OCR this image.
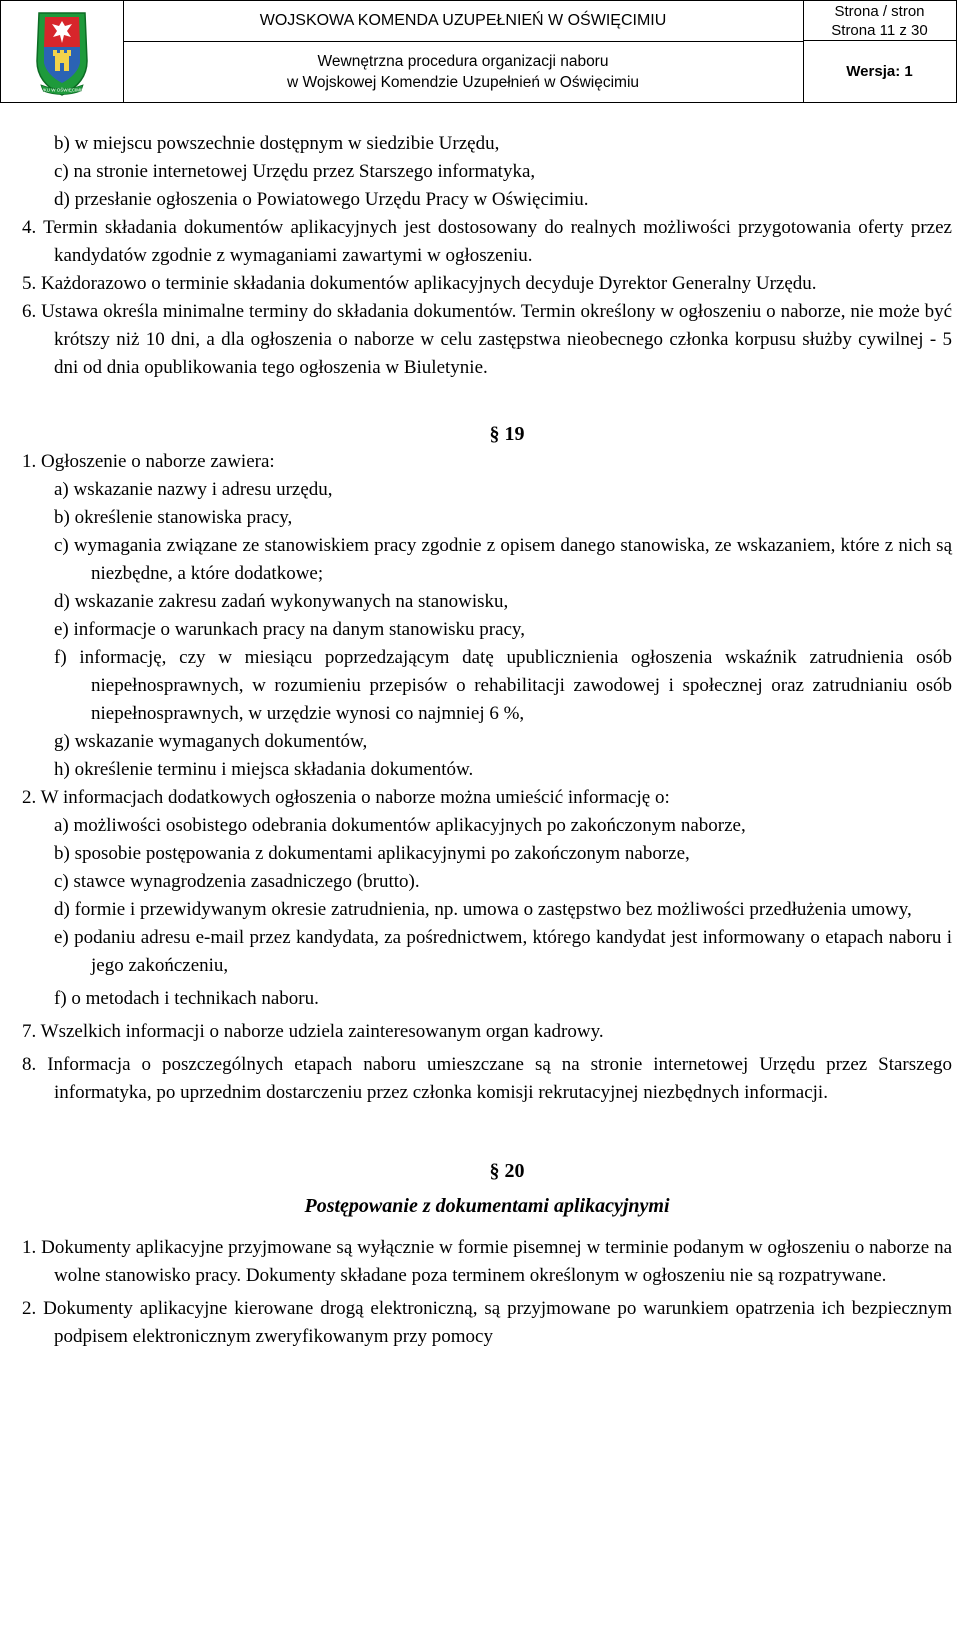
WKU W OŚWIĘCIMIU
WOJSKOWA KOMENDA UZUPEŁNIEŃ W OŚWIĘCIMIU
Wewnętrzna procedura organizacji naboru
w Wojskowej Komendzie Uzupełnień w Oświęcimiu
Strona / stron
Strona 11 z 30
Wersja: 1

b) w miejscu powszechnie dostępnym w siedzibie Urzędu,

c) na stronie internetowej Urzędu przez Starszego informatyka,

d) przesłanie ogłoszenia o Powiatowego Urzędu Pracy w Oświęcimiu.

4. Termin składania dokumentów aplikacyjnych jest dostosowany do realnych możliwości przygotowania oferty przez kandydatów zgodnie z wymaganiami zawartymi w ogłoszeniu.

5. Każdorazowo o terminie składania dokumentów aplikacyjnych decyduje Dyrektor Generalny Urzędu.

6. Ustawa określa minimalne terminy do składania dokumentów. Termin określony w ogłoszeniu o naborze, nie może być krótszy niż 10 dni, a dla ogłoszenia o naborze w celu zastępstwa nieobecnego członka korpusu służby cywilnej - 5 dni od dnia opublikowania tego ogłoszenia w Biuletynie.

§ 19

1. Ogłoszenie o naborze zawiera:

a) wskazanie nazwy i adresu urzędu,

b) określenie stanowiska pracy,

c) wymagania związane ze stanowiskiem pracy zgodnie z opisem danego stanowiska, ze wskazaniem, które z nich są niezbędne, a które dodatkowe;

d) wskazanie zakresu zadań wykonywanych na stanowisku,

e) informacje o warunkach pracy na danym stanowisku pracy,

f) informację, czy w miesiącu poprzedzającym datę upublicznienia ogłoszenia wskaźnik zatrudnienia osób niepełnosprawnych, w rozumieniu przepisów o rehabilitacji zawodowej i społecznej oraz zatrudnianiu osób niepełnosprawnych, w urzędzie wynosi co najmniej 6 %,

g) wskazanie wymaganych dokumentów,

h) określenie terminu i miejsca składania dokumentów.

2. W informacjach dodatkowych ogłoszenia o naborze można umieścić informację o:

a) możliwości osobistego odebrania dokumentów aplikacyjnych po zakończonym naborze,

b) sposobie postępowania z dokumentami aplikacyjnymi po zakończonym naborze,

c) stawce wynagrodzenia zasadniczego (brutto).

d) formie i przewidywanym okresie zatrudnienia, np. umowa o zastępstwo bez możliwości przedłużenia umowy,

e) podaniu adresu e-mail przez kandydata, za pośrednictwem, którego kandydat jest informowany o etapach naboru i jego zakończeniu,

f) o metodach i technikach naboru.

7. Wszelkich informacji o naborze udziela zainteresowanym organ kadrowy.

8. Informacja o poszczególnych etapach naboru umieszczane są na stronie internetowej Urzędu przez Starszego informatyka, po uprzednim dostarczeniu przez członka komisji rekrutacyjnej niezbędnych informacji.

§ 20

Postępowanie z dokumentami aplikacyjnymi

1. Dokumenty aplikacyjne przyjmowane są wyłącznie w formie pisemnej w terminie podanym w ogłoszeniu o naborze na wolne stanowisko pracy. Dokumenty składane poza terminem określonym w ogłoszeniu nie są rozpatrywane.

2. Dokumenty aplikacyjne kierowane drogą elektroniczną, są przyjmowane po warunkiem opatrzenia ich bezpiecznym podpisem elektronicznym zweryfikowanym przy pomocy
